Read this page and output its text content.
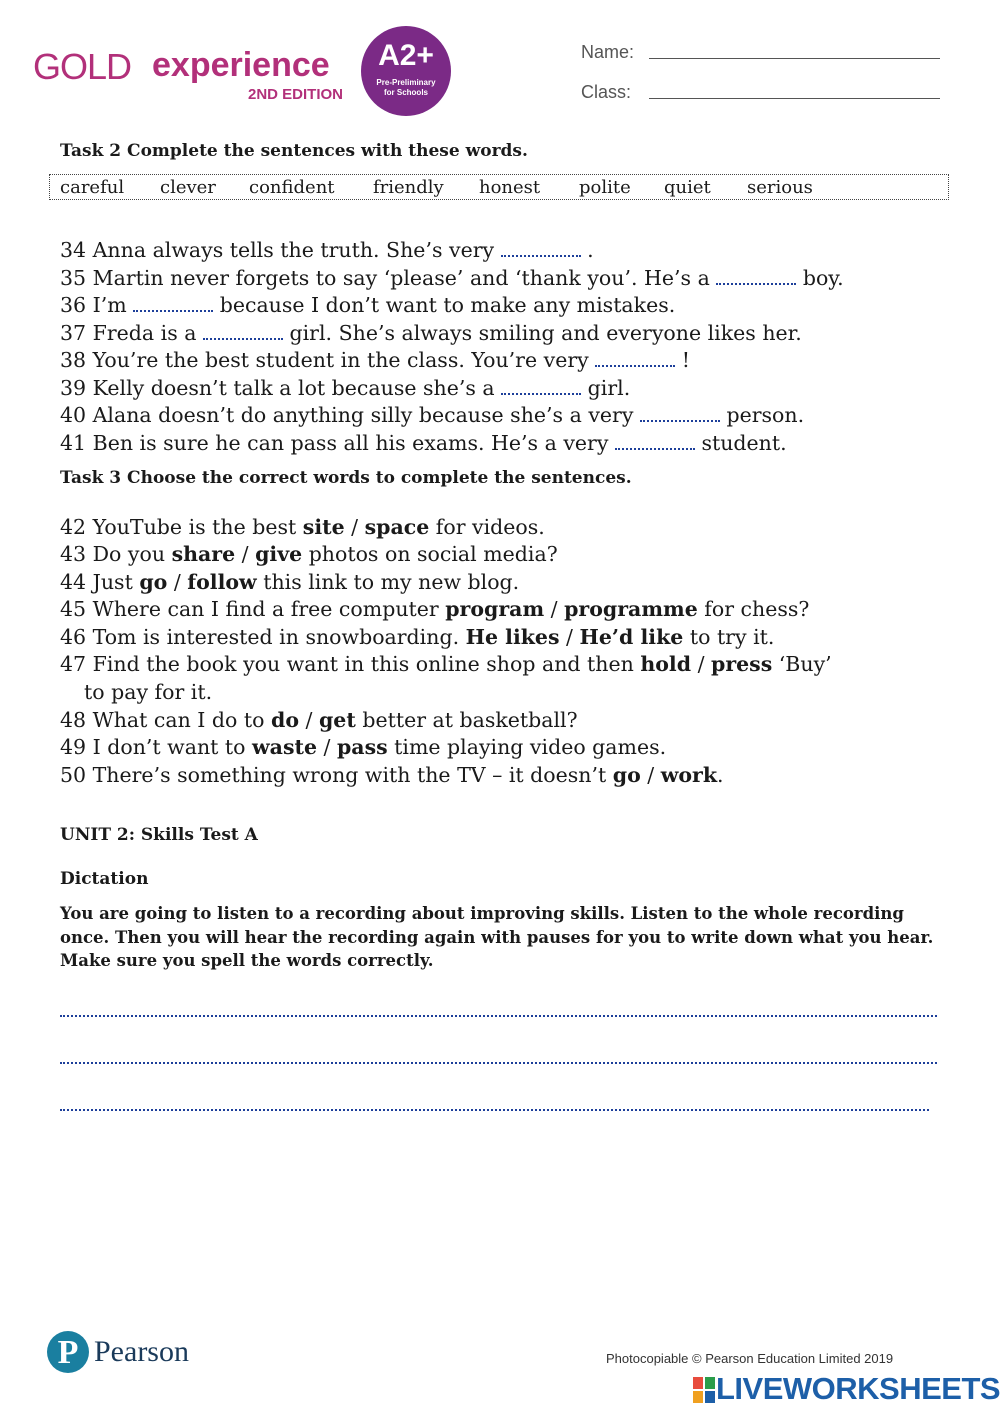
GOLD experience
2ND EDITION
A2+
Pre-Preliminary
for Schools
Name:
Class:
Task 2 Complete the sentences with these words.
careful clever confident friendly honest polite quiet serious
34 Anna always tells the truth. She’s very	.
35 Martin never forgets to say ‘please’ and ‘thank you’. He’s a	boy.
36 I’m	because I don’t want to make any mistakes.
37 Freda is a	girl. She’s always smiling and everyone likes her.
38 You’re the best student in the class. You’re very	!
39 Kelly doesn’t talk a lot because she’s a	girl.
40 Alana doesn’t do anything silly because she’s a very	person.
41 Ben is sure he can pass all his exams. He’s a very	student.
Task 3 Choose the correct words to complete the sentences.
42 YouTube is the best site / space for videos.
43 Do you share / give photos on social media?
44 Just go / follow this link to my new blog.
45 Where can I find a free computer program / programme for chess?
46 Tom is interested in snowboarding. He likes / He’d like to try it.
47 Find the book you want in this online shop and then hold / press ‘Buy’
to pay for it.
48 What can I do to do / get better at basketball?
49 I don’t want to waste / pass time playing video games.
50 There’s something wrong with the TV – it doesn’t go / work.
UNIT 2: Skills Test A
Dictation
You are going to listen to a recording about improving skills. Listen to the whole recording once. Then you will hear the recording again with pauses for you to write down what you hear. Make sure you spell the words correctly.
P Pearson	Photocopiable © Pearson Education Limited 2019
LIVEWORKSHEETS
